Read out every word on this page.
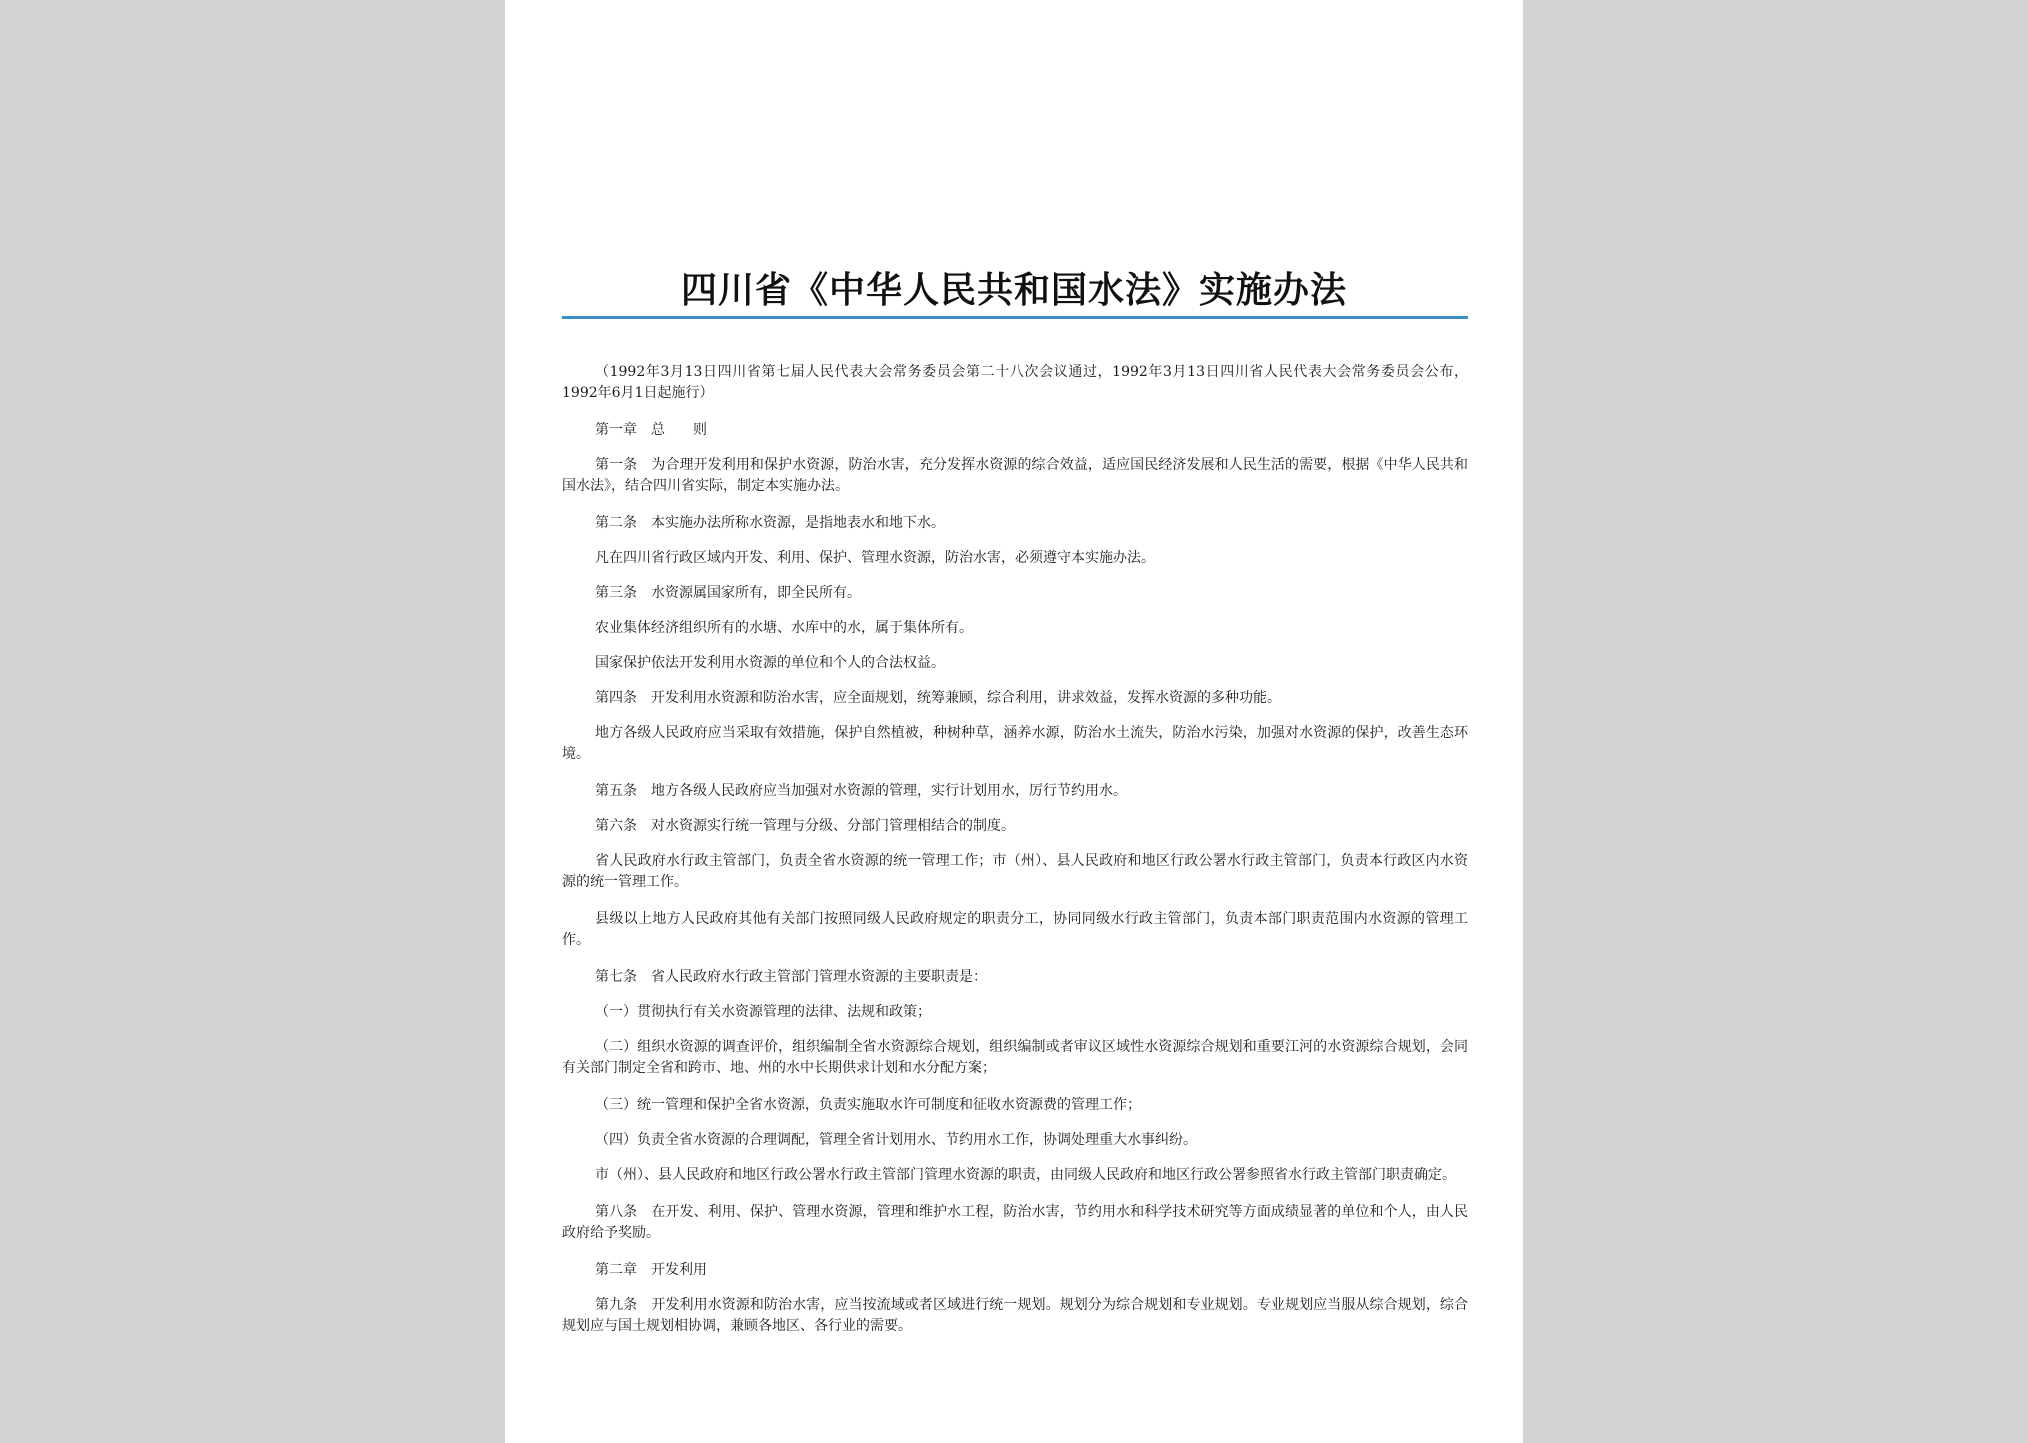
四川省《中华人民共和国水法》实施办法

（1992年3月13日四川省第七届人民代表大会常务委员会第二十八次会议通过，1992年3月13日四川省人民代表大会常务委员会公布，1992年6月1日起施行）

第一章　总　　则

第一条　为合理开发利用和保护水资源，防治水害，充分发挥水资源的综合效益，适应国民经济发展和人民生活的需要，根据《中华人民共和国水法》，结合四川省实际，制定本实施办法。

第二条　本实施办法所称水资源，是指地表水和地下水。

凡在四川省行政区域内开发、利用、保护、管理水资源，防治水害，必须遵守本实施办法。

第三条　水资源属国家所有，即全民所有。

农业集体经济组织所有的水塘、水库中的水，属于集体所有。

国家保护依法开发利用水资源的单位和个人的合法权益。

第四条　开发利用水资源和防治水害，应全面规划，统筹兼顾，综合利用，讲求效益，发挥水资源的多种功能。

地方各级人民政府应当采取有效措施，保护自然植被，种树种草，涵养水源，防治水土流失，防治水污染，加强对水资源的保护，改善生态环境。

第五条　地方各级人民政府应当加强对水资源的管理，实行计划用水，厉行节约用水。

第六条　对水资源实行统一管理与分级、分部门管理相结合的制度。

省人民政府水行政主管部门，负责全省水资源的统一管理工作；市（州）、县人民政府和地区行政公署水行政主管部门，负责本行政区内水资源的统一管理工作。

县级以上地方人民政府其他有关部门按照同级人民政府规定的职责分工，协同同级水行政主管部门，负责本部门职责范围内水资源的管理工作。

第七条　省人民政府水行政主管部门管理水资源的主要职责是：

（一）贯彻执行有关水资源管理的法律、法规和政策；

（二）组织水资源的调查评价，组织编制全省水资源综合规划，组织编制或者审议区域性水资源综合规划和重要江河的水资源综合规划，会同有关部门制定全省和跨市、地、州的水中长期供求计划和水分配方案；

（三）统一管理和保护全省水资源，负责实施取水许可制度和征收水资源费的管理工作；

（四）负责全省水资源的合理调配，管理全省计划用水、节约用水工作，协调处理重大水事纠纷。

市（州）、县人民政府和地区行政公署水行政主管部门管理水资源的职责，由同级人民政府和地区行政公署参照省水行政主管部门职责确定。

第八条　在开发、利用、保护、管理水资源，管理和维护水工程，防治水害，节约用水和科学技术研究等方面成绩显著的单位和个人，由人民政府给予奖励。

第二章　开发利用

第九条　开发利用水资源和防治水害，应当按流域或者区域进行统一规划。规划分为综合规划和专业规划。专业规划应当服从综合规划，综合规划应与国土规划相协调，兼顾各地区、各行业的需要。
